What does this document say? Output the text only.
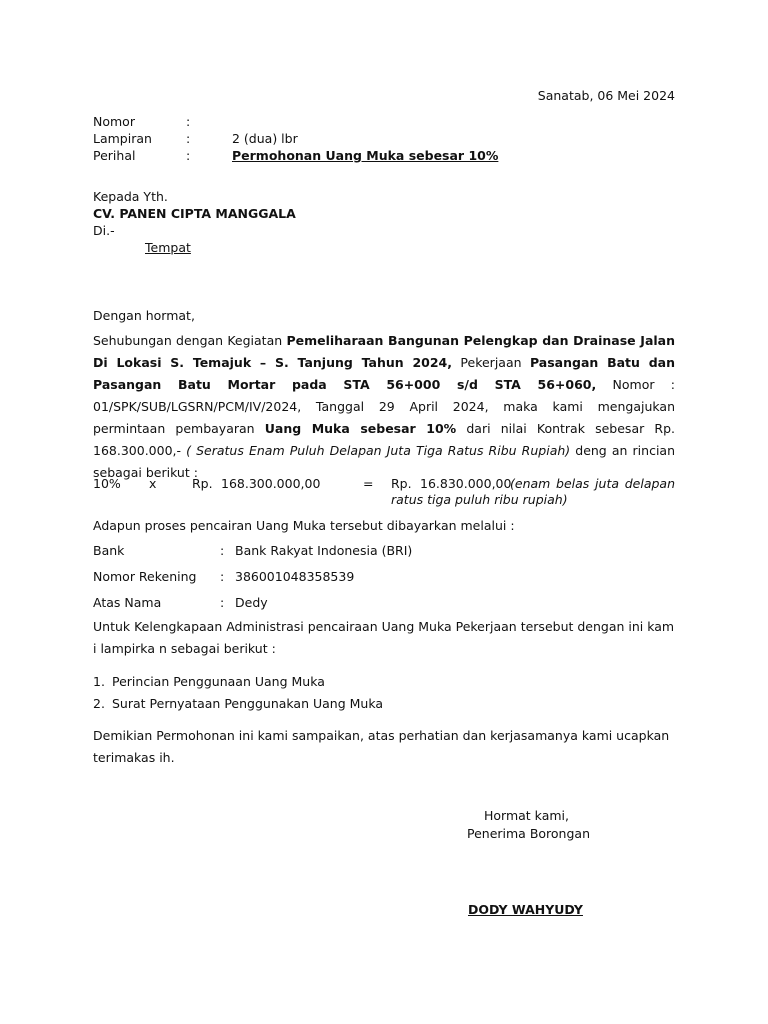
Sanatab, 06 Mei 2024
Nomor	:
Lampiran	:	2 (dua) lbr
Perihal	:	Permohonan Uang Muka sebesar 10%
Kepada Yth.
CV. PANEN CIPTA MANGGALA
Di.-
Tempat
Dengan hormat,
Sehubungan dengan Kegiatan Pemeliharaan Bangunan Pelengkap dan Drainase Jalan Di Lokasi S. Temajuk – S. Tanjung Tahun 2024, Pekerjaan Pasangan Batu dan Pasangan Batu Mortar pada STA 56+000 s/d STA 56+060, Nomor : 01/SPK/SUB/LGSRN/PCM/IV/2024, Tanggal 29 April 2024, maka kami mengajukan permintaan pembayaran Uang Muka sebesar 10% dari nilai Kontrak sebesar Rp. 168.300.000,- ( Seratus Enam Puluh Delapan Juta Tiga Ratus Ribu Rupiah) deng an rincian sebagai berikut :
10% x	Rp. 168.300.000,00	= Rp. 16.830.000,00
(enam belas juta delapan ratus tiga puluh ribu rupiah)
Adapun proses pencairan Uang Muka tersebut dibayarkan melalui :
Bank	: Bank Rakyat Indonesia (BRI)
Nomor Rekening : 386001048358539
Atas Nama	: Dedy
Untuk Kelengkapaan Administrasi pencairaan Uang Muka Pekerjaan tersebut dengan ini kami lampirka n sebagai berikut :
1. Perincian Penggunaan Uang Muka
2. Surat Pernyataan Penggunakan Uang Muka
Demikian Permohonan ini kami sampaikan, atas perhatian dan kerjasamanya kami ucapkan terimakas ih.
Hormat kami,
Penerima Borongan
DODY WAHYUDY
